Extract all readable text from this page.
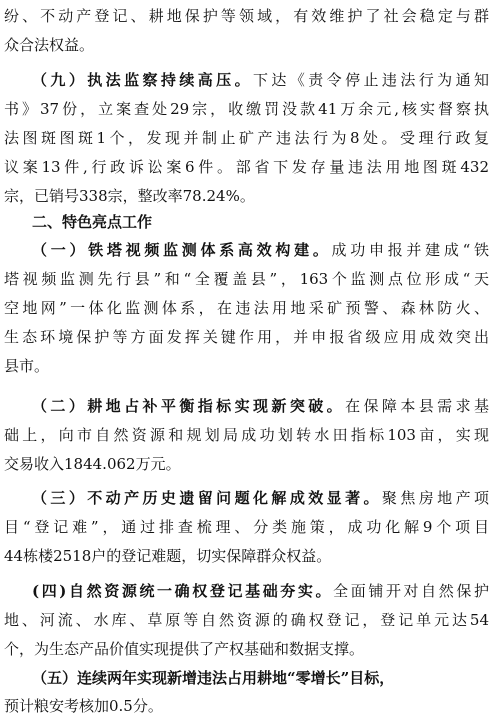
纷、不动产登记、耕地保护等领域，有效维护了社会稳定与群
众合法权益。
（九）执法监察持续高压。下达《责令停止违法行为通知
书》37份，立案查处29宗，收缴罚没款41万余元,核实督察执
法图斑图斑1个，发现并制止矿产违法行为8处。受理行政复
议案13件,行政诉讼案6件。部省下发存量违法用地图斑432
宗，已销号338宗，整改率78.24%。
二、特色亮点工作
（一）铁塔视频监测体系高效构建。成功申报并建成“铁
塔视频监测先行县”和“全覆盖县”，163个监测点位形成“天
空地网”一体化监测体系，在违法用地采矿预警、森林防火、
生态环境保护等方面发挥关键作用，并申报省级应用成效突出
县市。
（二）耕地占补平衡指标实现新突破。在保障本县需求基
础上，向市自然资源和规划局成功划转水田指标103亩，实现
交易收入1844.062万元。
（三）不动产历史遗留问题化解成效显著。聚焦房地产项
目“登记难”，通过排查梳理、分类施策，成功化解9个项目
44栋楼2518户的登记难题，切实保障群众权益。
(四)自然资源统一确权登记基础夯实。全面铺开对自然保护
地、河流、水库、草原等自然资源的确权登记，登记单元达54
个，为生态产品价值实现提供了产权基础和数据支撑。
（五）连续两年实现新增违法占用耕地“零增长”目标，
预计粮安考核加0.5分。
